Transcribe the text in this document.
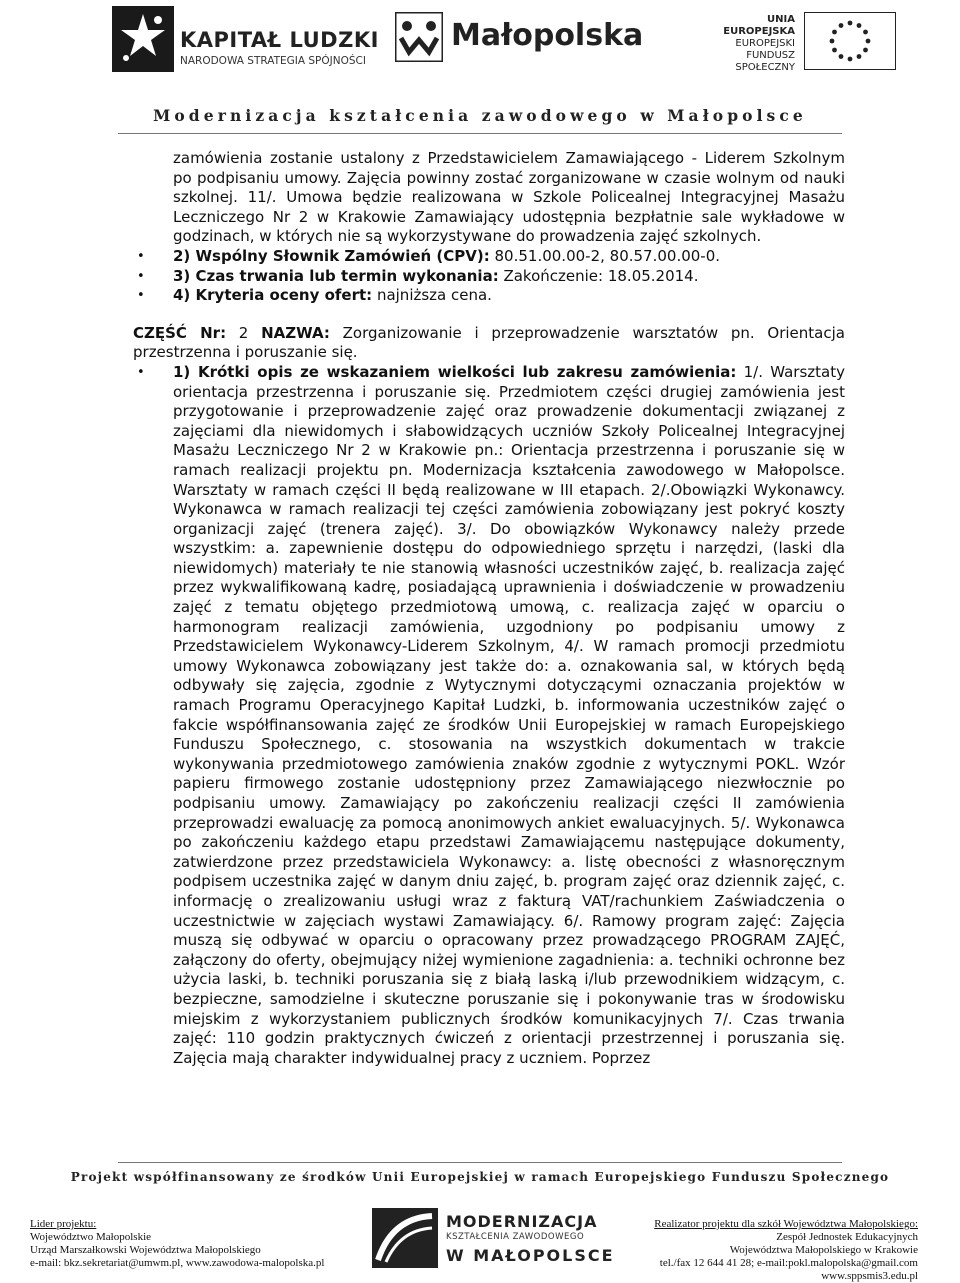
KAPITAŁ LUDZKI
NARODOWA STRATEGIA SPÓJNOŚCI
Małopolska	UNIA EUROPEJSKA
EUROPEJSKI
FUNDUSZ SPOŁECZNY
Modernizacja kształcenia zawodowego w Małopolsce

zamówienia zostanie ustalony z Przedstawicielem Zamawiającego - Liderem Szkolnym po podpisaniu umowy. Zajęcia powinny zostać zorganizowane w czasie wolnym od nauki szkolnej. 11/. Umowa będzie realizowana w Szkole Policealnej Integracyjnej Masażu Leczniczego Nr 2 w Krakowie Zamawiający udostępnia bezpłatnie sale wykładowe w godzinach, w których nie są wykorzystywane do prowadzenia zajęć szkolnych.

• 2) Wspólny Słownik Zamówień (CPV): 80.51.00.00-2, 80.57.00.00-0.
• 3) Czas trwania lub termin wykonania: Zakończenie: 18.05.2014.
• 4) Kryteria oceny ofert: najniższa cena.

CZĘŚĆ Nr: 2 NAZWA: Zorganizowanie i przeprowadzenie warsztatów pn. Orientacja przestrzenna i poruszanie się.

• 1) Krótki opis ze wskazaniem wielkości lub zakresu zamówienia: 1/. Warsztaty orientacja przestrzenna i poruszanie się. Przedmiotem części drugiej zamówienia jest przygotowanie i przeprowadzenie zajęć oraz prowadzenie dokumentacji związanej z zajęciami dla niewidomych i słabowidzących uczniów Szkoły Policealnej Integracyjnej Masażu Leczniczego Nr 2 w Krakowie pn.: Orientacja przestrzenna i poruszanie się w ramach realizacji projektu pn. Modernizacja kształcenia zawodowego w Małopolsce. Warsztaty w ramach części II będą realizowane w III etapach. 2/.Obowiązki Wykonawcy. Wykonawca w ramach realizacji tej części zamówienia zobowiązany jest pokryć koszty organizacji zajęć (trenera zajęć). 3/. Do obowiązków Wykonawcy należy przede wszystkim: a. zapewnienie dostępu do odpowiedniego sprzętu i narzędzi, (laski dla niewidomych) materiały te nie stanowią własności uczestników zajęć, b. realizacja zajęć przez wykwalifikowaną kadrę, posiadającą uprawnienia i doświadczenie w prowadzeniu zajęć z tematu objętego przedmiotową umową, c. realizacja zajęć w oparciu o harmonogram realizacji zamówienia, uzgodniony po podpisaniu umowy z Przedstawicielem Wykonawcy-Liderem Szkolnym, 4/. W ramach promocji przedmiotu umowy Wykonawca zobowiązany jest także do: a. oznakowania sal, w których będą odbywały się zajęcia, zgodnie z Wytycznymi dotyczącymi oznaczania projektów w ramach Programu Operacyjnego Kapitał Ludzki, b. informowania uczestników zajęć o fakcie współfinansowania zajęć ze środków Unii Europejskiej w ramach Europejskiego Funduszu Społecznego, c. stosowania na wszystkich dokumentach w trakcie wykonywania przedmiotowego zamówienia znaków zgodnie z wytycznymi POKL. Wzór papieru firmowego zostanie udostępniony przez Zamawiającego niezwłocznie po podpisaniu umowy. Zamawiający po zakończeniu realizacji części II zamówienia przeprowadzi ewaluację za pomocą anonimowych ankiet ewaluacyjnych. 5/. Wykonawca po zakończeniu każdego etapu przedstawi Zamawiającemu następujące dokumenty, zatwierdzone przez przedstawiciela Wykonawcy: a. listę obecności z własnoręcznym podpisem uczestnika zajęć w danym dniu zajęć, b. program zajęć oraz dziennik zajęć, c. informację o zrealizowaniu usługi wraz z fakturą VAT/rachunkiem Zaświadczenia o uczestnictwie w zajęciach wystawi Zamawiający. 6/. Ramowy program zajęć: Zajęcia muszą się odbywać w oparciu o opracowany przez prowadzącego PROGRAM ZAJĘĆ, załączony do oferty, obejmujący niżej wymienione zagadnienia: a. techniki ochronne bez użycia laski, b. techniki poruszania się z białą laską i/lub przewodnikiem widzącym, c. bezpieczne, samodzielne i skuteczne poruszanie się i pokonywanie tras w środowisku miejskim z wykorzystaniem publicznych środków komunikacyjnych 7/. Czas trwania zajęć: 110 godzin praktycznych ćwiczeń z orientacji przestrzennej i poruszania się. Zajęcia mają charakter indywidualnej pracy z uczniem. Poprzez
Projekt współfinansowany ze środków Unii Europejskiej w ramach Europejskiego Funduszu Społecznego
Lider projektu:
Województwo Małopolskie
Urząd Marszałkowski Województwa Małopolskiego
e-mail: bkz.sekretariat@umwm.pl, www.zawodowa-malopolska.pl
MODERNIZACJA
KSZTAŁCENIA ZAWODOWEGO
W MAŁOPOLSCE
Realizator projektu dla szkół Województwa Małopolskiego:
Zespół Jednostek Edukacyjnych
Województwa Małopolskiego w Krakowie
tel./fax 12 644 41 28; e-mail:pokl.malopolska@gmail.com
www.sppsmis3.edu.pl
